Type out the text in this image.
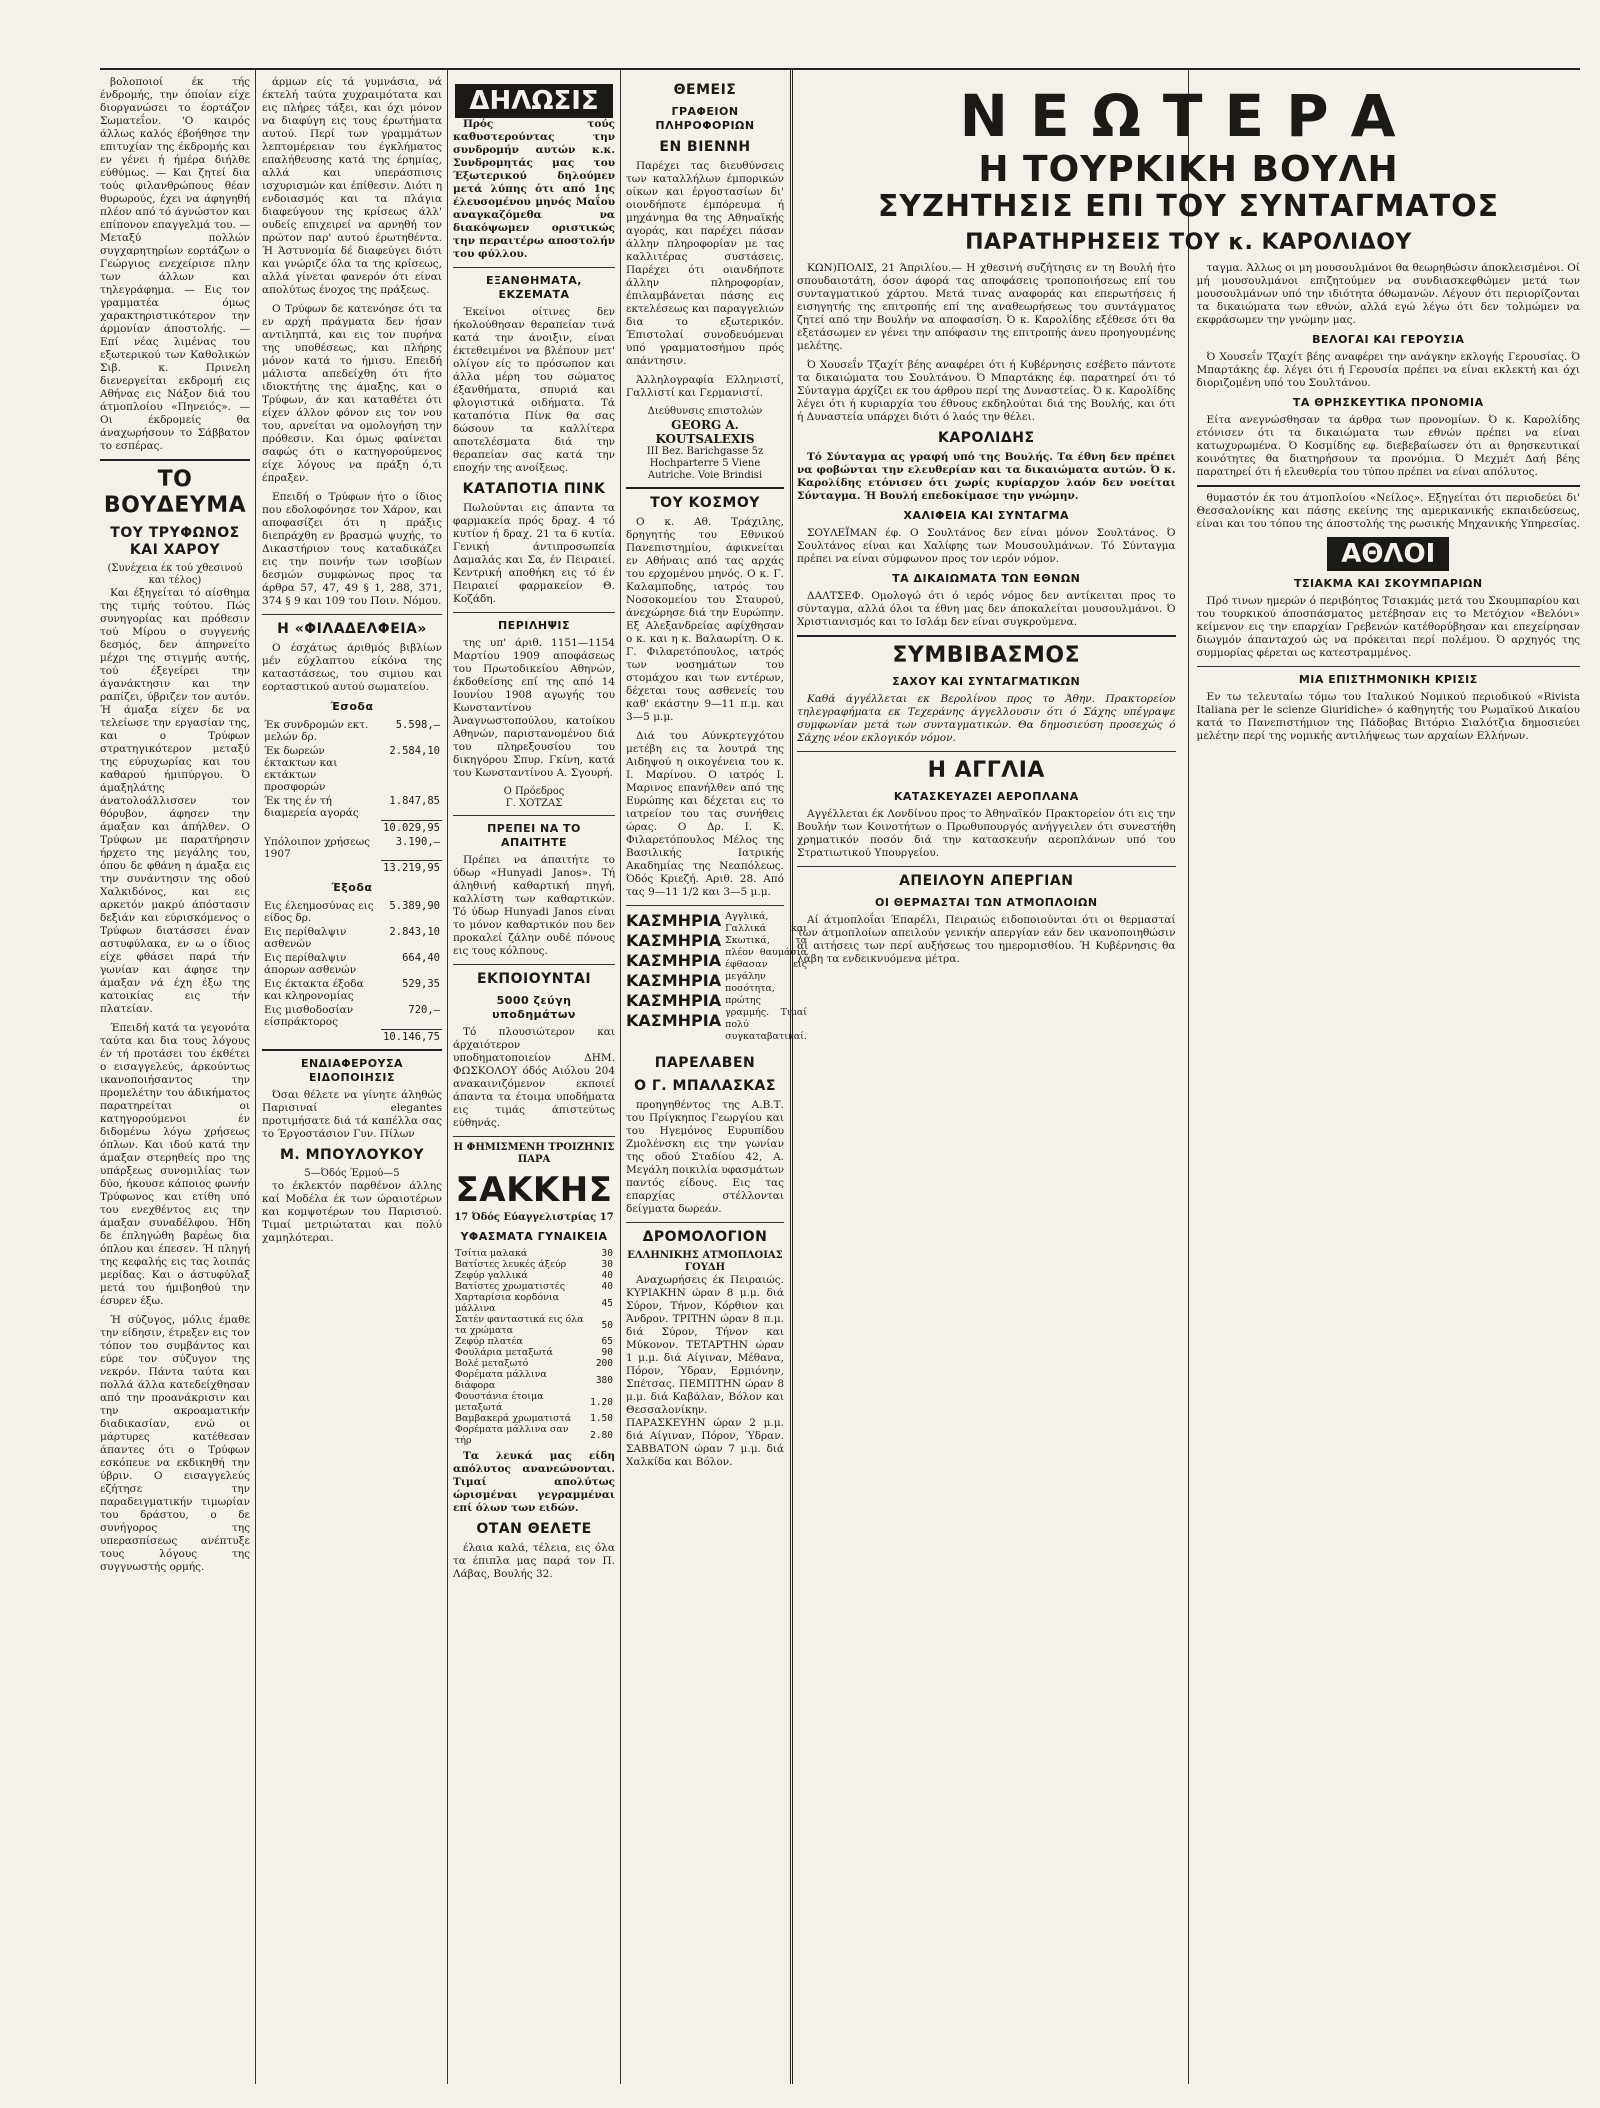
βολοποιοί έκ τής ένδρομής, την όποίαν είχε διοργανώσει το έορτάζον Σωματεΐον. 'Ο καιρός άλλως καλός έβοήθησε την επιτυχίαν της έκδρομής και εν γένει ή ήμέρα διήλθε εύθύμως. — Και ζητεί δια τούς φιλανθρώπους θέαν θυρωρούς, έχει να άφηγηθή πλέον από τό άγνώστον και επίπονον επαγγελμά του. — Μεταξύ πολλών συγχαρητηρίων εορτάζων ο Γεώργιος ενεχείρισε πλην των άλλων και τηλεγράφημα. — Εις τον γραμματέα όμως χαρακτηριστικότερον την άρμονίαν άποστολής. — Επί νέας λιμένας του εξωτερικού των Καθολικών Σιβ. κ. Πρινελη διενεργείται εκδρομή εις Αθήνας εις Νάξον διά του άτμοπλοίου «Πηνειός». — Οι έκδρομείς θα άναχωρήσουν το Σάββατον το εσπέρας.

ΤΟ ΒΟΥΔΕΥΜΑ
ΤΟΥ ΤΡΥΦΩΝΟΣ ΚΑΙ ΧΑΡΟΥ
(Συνέχεια έκ τού χθεσινού και τέλος)

Και έξηγείται τό αίσθημα της τιμής τούτου. Πώς συνηγορίας και πρόθεσιν τού Μίρου ο συγγενής δεσμός, δεν άπηρνείτο μέχρι της στιγμής αυτής, τού έξεγείρει την άγανάκτησιν και την ραπίζει, ύβριζεν τον αυτόν. Ή άμαξα είχεν δε να τελείωσε την εργασίαν της, και ο Τρύφων στρατηγικότερον μεταξύ της εύρυχωρίας και του καθαρού ήμιπύργου. Ό άμαξηλάτης άνατολοάλλισσεν τον θόρυβον, άφησεν την άμαξαν και άπήλθεν. Ο Τρύφων με παρατήρησιν ήρχετο της μεγάλης του, όπου δε φθάνη η άμαξα εις την συνάντησιν της οδού Χαλκιδόνος, και εις αρκετόν μακρύ άπόστασιν δεξιάν και εύρισκόμενος ο Τρύφων διατάσσει έναν αστυφύλακα, εν ω ο ίδιος είχε φθάσει παρά τήν γωνίαν και άφησε την άμαξαν νά έχη έξω της κατοικίας εις τήν πλατείαν.

Έπειδή κατά τα γεγονότα ταύτα και δια τους λόγους έν τή προτάσει του έκθέτει ο εισαγγελεύς, άρκούντως ικανοποιήσαντος την προμελέτην του άδικήματος παρατηρείται οι κατηγορούμενοι έν διδομένω λόγω χρήσεως όπλων. Και ιδού κατά την άμαξαν στερηθείς προ της υπάρξεως συνομιλίας των δύο, ήκουσε κάποιος φωνήν Τρύφωνος και ετίθη υπό του ενεχθέντος εις την άμαξαν συναδέλφου. Ήδη δε έπληγώθη βαρέως δια όπλου και έπεσεν. Ή πληγή της κεφαλής εις τας λοιπάς μερίδας. Και ο άστυφύλαξ μετά του ήμιβοηθού την έσυρεν έξω.

Ή σύζυγος, μόλις έμαθε την είδησιν, έτρεξεν εις τον τόπον του συμβάντος και εύρε τον σύζυγον της νεκρόν. Πάντα ταύτα και πολλά άλλα κατεδείχθησαν από την προανάκρισιν και την ακροαματικήν διαδικασίαν, ενώ οι μάρτυρες κατέθεσαν άπαντες ότι ο Τρύφων εσκόπευε να εκδικηθή την ύβριν. Ο εισαγγελεύς εζήτησε την παραδειγματικήν τιμωρίαν του δράστου, ο δε συνήγορος της υπερασπίσεως ανέπτυξε τους λόγους της συγγνωστής ορμής.

άρμων είς τά γυμνάσια, νά έκτελή ταύτα χυχραιμότατα και εις πλήρες τάξει, και όχι μόνον να διαφύγη εις τους έρωτήματα αυτού. Περί των γραμμάτων λεπτομέρειαν του έγκλήματος επαλήθευσης κατά της έρημίας, αλλά και υπεράσπισις ισχυρισμών και έπίθεσιν. Διότι η ενδοιασμός και τα πλάγια διαφεύγουν της κρίσεως άλλ' ουδείς επιχειρεί να αρνηθή τον πρώτον παρ' αυτού έρωτηθέντα. Ή Άστυνομία δέ διαφεύγει διότι και γνώριζε όλα τα της κρίσεως, αλλά γίνεται φανερόν ότι είναι απολύτως ένοχος της πράξεως.

Ο Τρύφων δε κατενόησε ότι τα εν αρχή πράγματα δεν ήσαν αντιληπτά, και εις τον πυρήνα της υποθέσεως, και πλήρης μόνον κατά το ήμισυ. Επειδή μάλιστα απεδείχθη ότι ήτο ιδιοκτήτης της άμαξης, και ο Τρύφων, άν και καταθέτει ότι είχεν άλλον φόνον εις τον νου του, αρνείται να ομολογήση την πρόθεσιν. Και όμως φαίνεται σαφώς ότι ο κατηγορούμενος είχε λόγους να πράξη ό,τι έπραξεν.

Επειδή ο Τρύφων ήτο ο ίδιος που εδολοφόνησε τον Χάρον, και αποφασίζει ότι η πράξις διεπράχθη εν βρασμώ ψυχής, το Δικαστήριον τους καταδικάζει εις την ποινήν των ισοβίων δεσμών συμφώνως προς τα άρθρα 57, 47, 49 § 1, 288, 371, 374 § 9 και 109 του Ποιν. Νόμου.

Η «ΦΙΛΑΔΕΛΦΕΙΑ»

Ο έσχάτως άριθμός βιβλίων μέν εύχλαπτου είκόνα της καταστάσεως, του σιμιου και εορταστικού αυτού σωματείου.

Έσοδα
Έκ συνδρομών εκτ. μελών δρ.	5.598,—
Έκ δωρεών έκτακτων και εκτάκτων προσφορών	2.584,10
Έκ της έν τή διαμερεία αγοράς	1.847,85
	10.029,95
Υπόλοιπον χρήσεως 1907	3.190,—
	13.219,95
Έξοδα
Εις έλεημοσύνας εις είδος δρ.	5.389,90
Εις περίθαλψιν ασθενών	2.843,10
Εις περίθαλψιν άπορων ασθενών	664,40
Εις έκτακτα έξοδα και κληρονομίας	529,35
Εις μισθοδοσίαν είσπράκτορος	720,—
	10.146,75
ΕΝΔΙΑΦΕΡΟΥΣΑ ΕΙΔΟΠΟΙΗΣΙΣ

Όσαι θέλετε να γίνητε άληθώς Παρισιναί elegantes προτιμήσατε διά τά καπέλλα σας το Έργοστάσιον Γυν. Πίλων

Μ. ΜΠΟΥΛΟΥΚΟΥ
5—Όδός Έρμού—5

το έκλεκτόν παρθένον άλλης καί Μοδέλα έκ των ώραιοτέρων και κομψοτέρων του Παρισιού. Τιμαί μετριώταται και πολύ χαμηλότεραι.

ΔΗΛΩΣΙΣ

Πρός τούς καθυστερούντας την συνδρομήν αυτών κ.κ. Συνδρομητάς μας του Έξωτερικού δηλούμεν μετά λύπης ότι από 1ης έλευσομένου μηνός Μαΐου αναγκαζόμεθα να διακόψωμεν οριστικώς την περαιτέρω αποστολήν του φύλλου.

ΕΞΑΝΘΗΜΑΤΑ, ΕΚΖΕΜΑΤΑ

Έκείνοι οίτινες δεν ήκολούθησαν θεραπείαν τινά κατά την άνοιξιν, είναι έκτεθειμένοι να βλέπουν μετ' ολίγον είς το πρόσωπον και άλλα μέρη του σώματος έξανθήματα, σπυριά και φλογιστικά οιδήματα. Τά καταπότια Πίνκ θα σας δώσουν τα καλλίτερα αποτελέσματα διά την θεραπείαν σας κατά την εποχήν της ανοίξεως.

ΚΑΤΑΠΟΤΙΑ ΠΙΝΚ

Πωλούνται εις άπαντα τα φαρμακεία πρός δραχ. 4 τό κυτίον ή δραχ. 21 τα 6 κυτία. Γενική άντιπροσωπεία Δαμαλάς και Σα, έν Πειραιεί. Κεντρική αποθήκη εις τό έν Πειραιεί φαρμακείον Θ. Κοζάδη.

ΠΕΡΙΛΗΨΙΣ

της υπ' άριθ. 1151—1154 Μαρτίου 1909 αποφάσεως του Πρωτοδικείου Αθηνών, έκδοθείσης επί της από 14 Ιουνίου 1908 αγωγής του Κωνσταντίνου Άναγνωστοπούλου, κατοίκου Αθηνών, παριστανομένου διά του πληρεξουσίου του δικηγόρου Σπυρ. Γκίνη, κατά του Κωνσταντίνου Α. Σγουρή.

Ο Πρόεδρος
Γ. ΧΟΤΖΑΣ
ΠΡΕΠΕΙ ΝΑ ΤΟ ΑΠΑΙΤΗΤΕ

Πρέπει να άπαιτήτε το ύδωρ «Hunyadi Janos». Τή άληθινή καθαρτική πηγή, καλλίστη των καθαρτικών. Τό ύδωρ Hunyadi Janos είναι το μόνον καθαρτικόν που δεν προκαλεί ζάλην ουδέ πόνους εις τους κόλπους.

ΕΚΠΟΙΟΥΝΤΑΙ
5000 ζεύγη υποδημάτων

Τό πλουσιώτερον και άρχαιότερον υποδηματοποιείον ΔΗΜ. ΦΩΣΚΟΛΟΥ όδός Αιόλου 204 ανακαινιζόμενον εκποιεί άπαντα τα έτοιμα υποδήματα εις τιμάς άπιστεύτως εύθηνάς.

Η ΦΗΜΙΣΜΕΝΗ ΤΡΟΙΖΗΝΙΣ ΠΑΡΑ
ΣΑΚΚΗΣ
17 Όδός Εύαγγελιστρίας 17
ΥΦΑΣΜΑΤΑ ΓΥΝΑΙΚΕΙΑ
Τσίτια μαλακά	30
Βατίστες λευκές άξεύρ	30
Ζεφύρ γαλλικά	40
Βατίστες χρωματιστές	40
Χαρταρίσια κορδόνια μάλλινα	45
Σατέν φανταστικά εις όλα τα χρώματα	50
Ζεφύρ πλατέα	65
Φουλάρια μεταξωτά	90
Βολέ μεταξωτό	200
Φορέματα μάλλινα διάφορα	380
Φουστάνια έτοιμα μεταξωτά	1.20
Βαμβακερά χρωματιστά	1.50
Φορέματα μάλλινα σαν τήρ	2.80

Τα λευκά μας είδη απόλυτος ανανεώνονται. Τιμαί απολύτως ώρισμέναι γεγραμμέναι επί όλων των ειδών.

ΟΤΑΝ ΘΕΛΕΤΕ

έλαια καλά, τέλεια, εις όλα τα έπιπλα μας παρά τον Π. Λάβας, Βουλής 32.

ΘΕΜΕΙΣ
ΓΡΑΦΕΙΟΝ ΠΛΗΡΟΦΟΡΙΩΝ
ΕΝ ΒΙΕΝΝΗ

Παρέχει τας διευθύνσεις των καταλλήλων έμπορικών οίκων και έργοστασίων δι' οιονδήποτε έμπόρευμα ή μηχάνημα θα της Αθηναϊκής αγοράς, και παρέχει πάσαν άλλην πληροφορίαν με τας καλλιτέρας συστάσεις. Παρέχει ότι οιανδήποτε άλλην πληροφορίαν, έπιλαμβάνεται πάσης εις εκτελέσεως και παραγγελιών δια το εξωτερικόν. Έπιστολαί συνοδευόμεναι υπό γραμματοσήμου πρός απάντησιν.

Άλληλογραφία Ελληνιστί, Γαλλιστί και Γερμανιστί.

Διεύθυνσις επιστολών
GEORG A. KOUTSALEXIS
III Bez. Barichgasse 5z Hochparterre 5 Viene Autriche. Voie Brindisi
ΤΟΥ ΚΟΣΜΟΥ

Ο κ. Αθ. Τράχιλης, δρηγητής του Εθνικού Πανεπιστημίου, άφικνείται εν Αθήναις από τας αρχάς του ερχομένου μηνός. Ο κ. Γ. Καλαμποδης, ιατρός του Νοσοκομείου του Σταυρού, άνεχώρησε διά την Ευρώπην. Εξ Αλεξανδρείας αφίχθησαν ο κ. και η κ. Βαλαωρίτη. Ο κ. Γ. Φιλαρετόπουλος, ιατρός των νοσημάτων του στομάχου και των εντέρων, δέχεται τους ασθενείς του καθ' εκάστην 9—11 π.μ. και 3—5 μ.μ.

Διά του Αύνκρτεγχότου μετέβη εις τα λουτρά της Αιδηψού η οικογένεια του κ. Ι. Μαρίνου. Ο ιατρός Ι. Μαρινος επανήλθεν από της Ευρώπης και δέχεται εις το ιατρείον του τας συνήθεις ώρας. Ο Δρ. Ι. Κ. Φιλαρετόπουλος Μέλος της Βασιλικής Ιατρικής Ακαδημίας της Νεαπόλεως. Όδός Κριεζή. Αριθ. 28. Από τας 9—11 1/2 και 3—5 μ.μ.

ΚΑΣΜΗΡΙΑ
ΚΑΣΜΗΡΙΑ
ΚΑΣΜΗΡΙΑ
ΚΑΣΜΗΡΙΑ
ΚΑΣΜΗΡΙΑ
ΚΑΣΜΗΡΙΑ

Αγγλικά, Γαλλικά και Σκωτικά, τα πλέον θαυμάσια έφθασαν εις μεγάλην ποσότητα, πρώτης γραμμής. Τιμαί πολύ συγκαταβατικαί.

ΠΑΡΕΛΑΒΕΝ
Ο Γ. ΜΠΑΛΑΣΚΑΣ

προηγηθέντος της Α.Β.Τ. του Πρίγκηπος Γεωργίου και του Ηγεμόνος Ευρυπίδου Ζμολένσκη εις την γωνίαν της οδού Σταδίου 42, Α. Μεγάλη ποικιλία υφασμάτων παντός είδους. Εις τας επαρχίας στέλλονται δείγματα δωρεάν.

ΔΡΟΜΟΛΟΓΙΟΝ
ΕΛΛΗΝΙΚΗΣ ΑΤΜΟΠΛΟΙΑΣ ΓΟΥΔΗ

Αναχωρήσεις έκ Πειραιώς. ΚΥΡΙΑΚΗΝ ώραν 8 μ.μ. διά Σύρον, Τήνον, Κόρθιον και Άνδρον. ΤΡΙΤΗΝ ώραν 8 π.μ. διά Σύρον, Τήνον και Μύκονον. ΤΕΤΑΡΤΗΝ ώραν 1 μ.μ. διά Αίγιναν, Μέθανα, Πόρον, Ύδραν, Ερμιόνην, Σπέτσας. ΠΕΜΠΤΗΝ ώραν 8 μ.μ. διά Καβάλαν, Βόλον και Θεσσαλονίκην. ΠΑΡΑΣΚΕΥΗΝ ώραν 2 μ.μ. διά Αίγιναν, Πόρον, Ύδραν. ΣΑΒΒΑΤΟΝ ώραν 7 μ.μ. διά Χαλκίδα και Βόλον.

ΝΕΩΤΕΡΑ
Η ΤΟΥΡΚΙΚΗ ΒΟΥΛΗ
ΣΥΖΗΤΗΣΙΣ ΕΠΙ ΤΟΥ ΣΥΝΤΑΓΜΑΤΟΣ
ΠΑΡΑΤΗΡΗΣΕΙΣ ΤΟΥ κ. ΚΑΡΟΛΙΔΟΥ

ΚΩΝ)ΠΟΛΙΣ, 21 Άπριλίου.— Η χθεσινή συζήτησις εν τη Βουλή ήτο σπουδαιοτάτη, όσον άφορά τας αποφάσεις τροποποιήσεως επί του συνταγματικού χάρτου. Μετά τινας αναφοράς και επερωτήσεις ή εισηγητής της επιτροπής επί της αναθεωρήσεως του συντάγματος ζητεί από την Βουλήν να αποφασίση. Ό κ. Καρολίδης εξέθεσε ότι θα εξετάσωμεν εν γένει την απόφασιν της επιτροπής άνευ προηγουμένης μελέτης.

Ό Χουσεΐν Τζαχίτ βέης αναφέρει ότι ή Κυβέρνησις εσέβετο πάντοτε τα δικαιώματα του Σουλτάνου. Ό Μπαρτάκης έφ. παρατηρεί ότι τό Σύνταγμα άρχίζει εκ του άρθρου περί της Δυναστείας. Ό κ. Καρολίδης λέγει ότι ή κυριαρχία του έθνους εκδηλούται διά της Βουλής, και ότι ή Δυναστεία υπάρχει διότι ό λαός την θέλει.

ΚΑΡΟΛΙΔΗΣ

Τό Σύνταγμα ας γραφή υπό της Βουλής. Τα έθνη δεν πρέπει να φοβώνται την ελευθερίαν και τα δικαιώματα αυτών. Ό κ. Καρολίδης ετόνισεν ότι χωρίς κυρίαρχον λαόν δεν νοείται Σύνταγμα. Ή Βουλή επεδοκίμασε την γνώμην.

ΧΑΛΙΦΕΙΑ ΚΑΙ ΣΥΝΤΑΓΜΑ

ΣΟΥΛΕΪΜΑΝ έφ. Ο Σουλτάνος δεν είναι μόνον Σουλτάνος. Ό Σουλτάνος είναι και Χαλίφης των Μουσουλμάνων. Τό Σύνταγμα πρέπει να είναι σύμφωνον προς τον ιερόν νόμον.

ΤΑ ΔΙΚΑΙΩΜΑΤΑ ΤΩΝ ΕΘΝΩΝ

ΔΑΛΤΣΕΦ. Ομολογώ ότι ό ιερός νόμος δεν αντίκειται προς το σύνταγμα, αλλά όλοι τα έθνη μας δεν άποκαλείται μουσουλμάνοι. Ό Χριστιανισμός και το Ισλάμ δεν είναι συγκρούμενα.

ΣΥΜΒΙΒΑΣΜΟΣ
ΣΑΧΟΥ ΚΑΙ ΣΥΝΤΑΓΜΑΤΙΚΩΝ

Καθά άγγέλλεται εκ Βερολίνου προς το Άθην. Πρακτορείον τηλεγραφήματα εκ Τεχεράνης άγγελλουσιν ότι ό Σάχης υπέγραψε συμφωνίαν μετά των συνταγματικών. Θα δημοσιεύση προσεχώς ό Σάχης νέον εκλογικόν νόμον.

Η ΑΓΓΛΙΑ
ΚΑΤΑΣΚΕΥΑΖΕΙ ΑΕΡΟΠΛΑΝΑ

Αγγέλλεται έκ Λονδίνου προς το Άθηναϊκόν Πρακτορείον ότι εις την Βουλήν των Κοινοτήτων ο Πρωθυπουργός ανήγγειλεν ότι συνεστήθη χρηματικόν ποσόν διά την κατασκευήν αεροπλάνων υπό του Στρατιωτικού Υπουργείου.

ΑΠΕΙΛΟΥΝ ΑΠΕΡΓΙΑΝ
ΟΙ ΘΕΡΜΑΣΤΑΙ ΤΩΝ ΑΤΜΟΠΛΟΙΩΝ

Αί άτμοπλοΐαι Έπαρέλι, Πειραιώς ειδοποιούνται ότι οι θερμασταί των άτμοπλοίων απειλούν γενικήν απεργίαν εάν δεν ικανοποιηθώσιν αι αιτήσεις των περί αυξήσεως του ημερομισθίου. Ή Κυβέρνησις θα λάβη τα ενδεικνυόμενα μέτρα.

ταγμα. Άλλως οι μη μουσουλμάνοι θα θεωρηθώσιν άποκλεισμένοι. Οί μή μουσουλμάνοι επιζητούμεν να συνδιασκεφθώμεν μετά των μουσουλμάνων υπό την ιδιότητα όθωμανών. Λέγουν ότι περιορίζονται τα δικαιώματα των εθνών, αλλά εγώ λέγω ότι δεν τολμώμεν να εκφράσωμεν την γνώμην μας.

ΒΕΛΟΓΑΙ ΚΑΙ ΓΕΡΟΥΣΙΑ

Ό Χουσεΐν Τζαχίτ βέης αναφέρει την ανάγκην εκλογής Γερουσίας. Ό Μπαρτάκης έφ. λέγει ότι ή Γερουσία πρέπει να είναι εκλεκτή και όχι διοριζομένη υπό του Σουλτάνου.

ΤΑ ΘΡΗΣΚΕΥΤΙΚΑ ΠΡΟΝΟΜΙΑ

Είτα ανεγνώσθησαν τα άρθρα των προνομίων. Ό κ. Καρολίδης ετόνισεν ότι τα δικαιώματα των εθνών πρέπει να είναι κατωχυρωμένα. Ό Κοσμίδης εφ. διεβεβαίωσεν ότι αι θρησκευτικαί κοινότητες θα διατηρήσουν τα προνόμια. Ό Μεχμέτ Δαή βέης παρατηρεί ότι ή ελευθερία του τύπου πρέπει να είναι απόλυτος.

θυμαστόν έκ του άτμοπλοίου «Νείλος». Εξηγείται ότι περιοδεύει δι' Θεσσαλονίκης και πάσης εκείνης της αμερικανικής εκπαιδεύσεως, είναι και του τόπου της άποστολής της ρωσικής Μηχανικής Υπηρεσίας.

ΑΘΛΟΙ
ΤΣΙΑΚΜΑ ΚΑΙ ΣΚΟΥΜΠΑΡΙΩΝ

Πρό τινων ημερών ό περιβόητος Τσιακμάς μετά του Σκουμπαρίου και του τουρκικού άποσπάσματος μετέβησαν εις το Μετόχιον «Βελόνι» κείμενον εις την επαρχίαν Γρεβενών κατέθορύβησαν και επεχείρησαν διωγμόν άπανταχού ώς να πρόκειται περί πολέμου. Ό αρχηγός της συμμορίας φέρεται ως κατεστραμμένος.

ΜΙΑ ΕΠΙΣΤΗΜΟΝΙΚΗ ΚΡΙΣΙΣ

Εν τω τελευταίω τόμω του Ιταλικού Νομικού περιοδικού «Rivista Italiana per le scienze Giuridiche» ό καθηγητής του Ρωμαϊκού Δικαίου κατά το Πανεπιστήμιον της Πάδοβας Βιτόριο Σιαλότζια δημοσιεύει μελέτην περί της νομικής αντιλήψεως των αρχαίων Ελλήνων.
